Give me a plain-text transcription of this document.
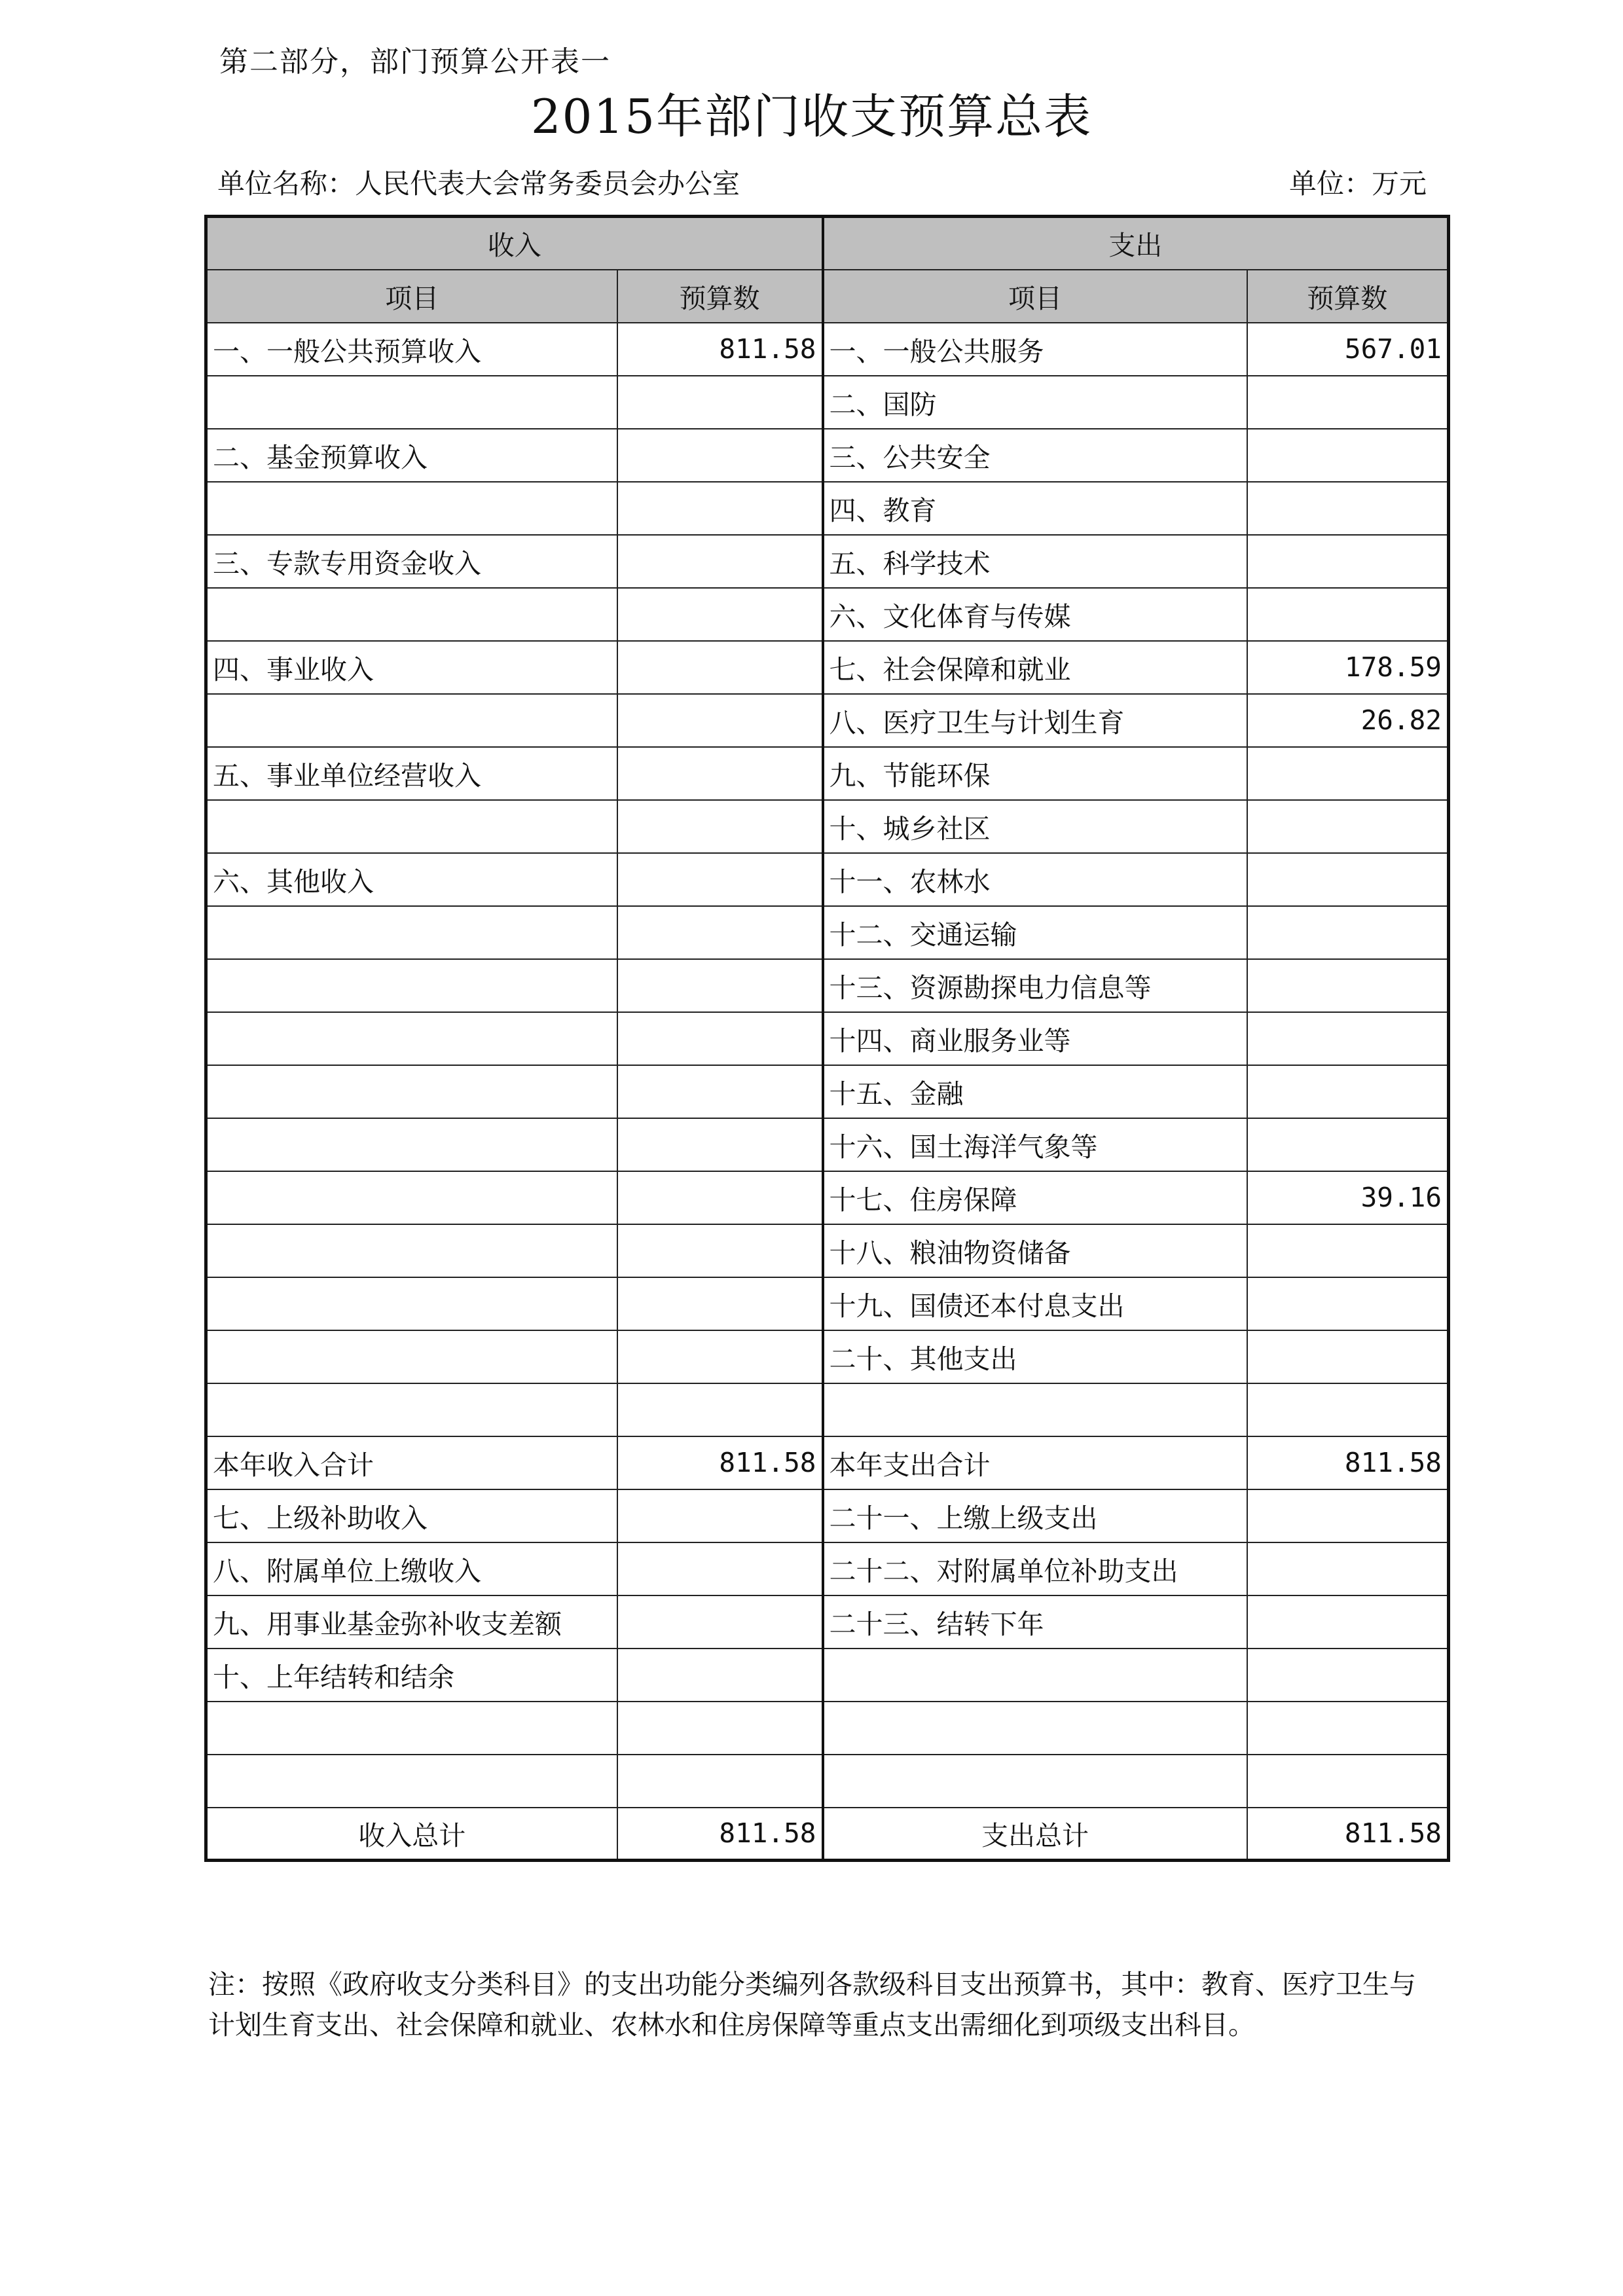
第二部分，部门预算公开表一
2015年部门收支预算总表
单位名称：人民代表大会常务委员会办公室	单位：万元
收入		支出	
项目	预算数	项目	预算数
一、一般公共预算收入	811.58	一、一般公共服务	567.01
		二、国防	
二、基金预算收入		三、公共安全	
		四、教育	
三、专款专用资金收入		五、科学技术	
		六、文化体育与传媒	
四、事业收入		七、社会保障和就业	178.59
		八、医疗卫生与计划生育	26.82
五、事业单位经营收入		九、节能环保	
		十、城乡社区	
六、其他收入		十一、农林水	
		十二、交通运输	
		十三、资源勘探电力信息等	
		十四、商业服务业等	
		十五、金融	
		十六、国土海洋气象等	
		十七、住房保障	39.16
		十八、粮油物资储备	
		十九、国债还本付息支出	
		二十、其他支出	

本年收入合计	811.58	本年支出合计	811.58
七、上级补助收入		二十一、上缴上级支出	
八、附属单位上缴收入		二十二、对附属单位补助支出	
九、用事业基金弥补收支差额		二十三、结转下年	
十、上年结转和结余			

收入总计	811.58	支出总计	811.58
注：按照《政府收支分类科目》的支出功能分类编列各款级科目支出预算书，其中：教育、医疗卫生与计划生育支出、社会保障和就业、农林水和住房保障等重点支出需细化到项级支出科目。
